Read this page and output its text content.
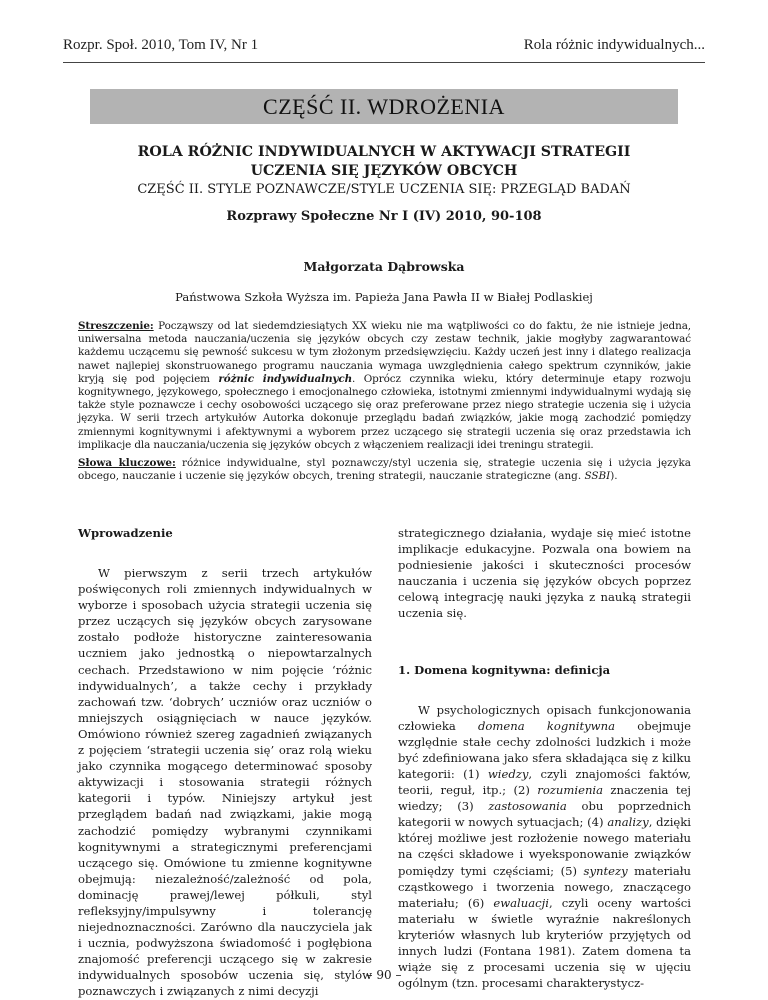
Rozpr. Społ. 2010, Tom IV, Nr 1	Rola różnic indywidualnych...
CZĘŚĆ II. WDROŻENIA
ROLA RÓŻNIC INDYWIDUALNYCH W AKTYWACJI STRATEGII
UCZENIA SIĘ JĘZYKÓW OBCYCH
CZĘŚĆ II. STYLE POZNAWCZE/STYLE UCZENIA SIĘ: PRZEGLĄD BADAŃ
Rozprawy Społeczne Nr I (IV) 2010, 90-108
Małgorzata Dąbrowska
Państwowa Szkoła Wyższa im. Papieża Jana Pawła II w Białej Podlaskiej
Streszczenie: Począwszy od lat siedemdziesiątych XX wieku nie ma wątpliwości co do faktu, że nie istnieje jedna, uniwersalna metoda nauczania/uczenia się języków obcych czy zestaw technik, jakie mogłyby zagwarantować każdemu uczącemu się pewność sukcesu w tym złożonym przedsięwzięciu. Każdy uczeń jest inny i dlatego realizacja nawet najlepiej skonstruowanego programu nauczania wymaga uwzględnienia całego spektrum czynników, jakie kryją się pod pojęciem różnic indywidualnych. Oprócz czynnika wieku, który determinuje etapy rozwoju kognitywnego, językowego, społecznego i emocjonalnego człowieka, istotnymi zmiennymi indywidualnymi wydają się także style poznawcze i cechy osobowości uczącego się oraz preferowane przez niego strategie uczenia się i użycia języka. W serii trzech artykułów Autorka dokonuje przeglądu badań związków, jakie mogą zachodzić pomiędzy zmiennymi kognitywnymi i afektywnymi a wyborem przez uczącego się strategii uczenia się oraz przedstawia ich implikacje dla nauczania/uczenia się języków obcych z włączeniem realizacji idei treningu strategii.
Słowa kluczowe: różnice indywidualne, styl poznawczy/styl uczenia się, strategie uczenia się i użycia języka obcego, nauczanie i uczenie się języków obcych, trening strategii, nauczanie strategiczne (ang. SSBI).
Wprowadzenie

W pierwszym z serii trzech artykułów poświęconych roli zmiennych indywidualnych w wyborze i sposobach użycia strategii uczenia się przez uczących się języków obcych zarysowane zostało podłoże historyczne zainteresowania uczniem jako jednostką o niepowtarzalnych cechach. Przedstawiono w nim pojęcie ‘różnic indywidualnych’, a także cechy i przykłady zachowań tzw. ‘dobrych’ uczniów oraz uczniów o mniejszych osiągnięciach w nauce języków. Omówiono również szereg zagadnień związanych z pojęciem ‘strategii uczenia się’ oraz rolą wieku jako czynnika mogącego determinować sposoby aktywizacji i stosowania strategii różnych kategorii i typów. Niniejszy artykuł jest przeglądem badań nad związkami, jakie mogą zachodzić pomiędzy wybranymi czynnikami kognitywnymi a strategicznymi preferencjami uczącego się. Omówione tu zmienne kognitywne obejmują: niezależność/zależność od pola, dominację prawej/lewej półkuli, styl refleksyjny/impulsywny i tolerancję niejednoznaczności. Zarówno dla nauczyciela jak i ucznia, podwyższona świadomość i pogłębiona znajomość preferencji uczącego się w zakresie indywidualnych sposobów uczenia się, stylów poznawczych i związanych z nimi decyzji

strategicznego działania, wydaje się mieć istotne implikacje edukacyjne. Pozwala ona bowiem na podniesienie jakości i skuteczności procesów nauczania i uczenia się języków obcych poprzez celową integrację nauki języka z nauką strategii uczenia się.

1. Domena kognitywna: definicja

W psychologicznych opisach funkcjonowania człowieka domena kognitywna obejmuje względnie stałe cechy zdolności ludzkich i może być zdefiniowana jako sfera składająca się z kilku kategorii: (1) wiedzy, czyli znajomości faktów, teorii, reguł, itp.; (2) rozumienia znaczenia tej wiedzy; (3) zastosowania obu poprzednich kategorii w nowych sytuacjach; (4) analizy, dzięki której możliwe jest rozłożenie nowego materiału na części składowe i wyeksponowanie związków pomiędzy tymi częściami; (5) syntezy materiału cząstkowego i tworzenia nowego, znaczącego materiału; (6) ewaluacji, czyli oceny wartości materiału w świetle wyraźnie nakreślonych kryteriów własnych lub kryteriów przyjętych od innych ludzi (Fontana 1981). Zatem domena ta wiąże się z procesami uczenia się w ujęciu ogólnym (tzn. procesami charakterystycz-

– 90 –
